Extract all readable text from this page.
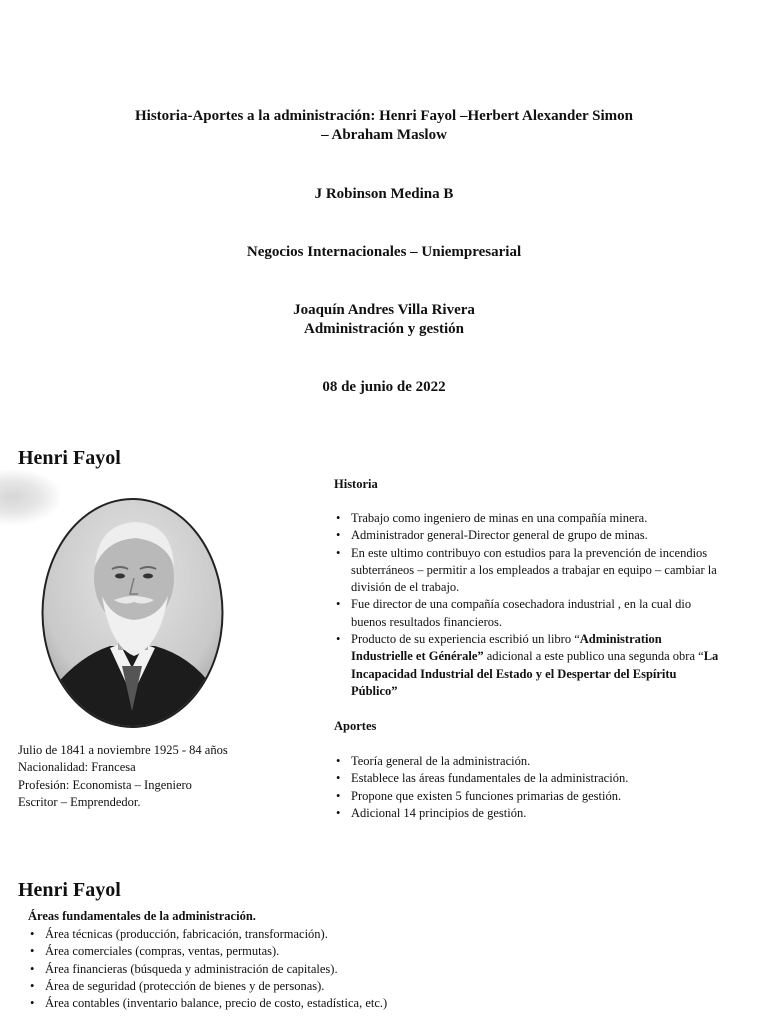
Historia-Aportes a la administración: Henri Fayol –Herbert Alexander Simon
– Abraham Maslow
J Robinson Medina B
Negocios Internacionales – Uniempresarial
Joaquín Andres Villa Rivera
Administración y gestión
08 de junio de 2022
Henri Fayol
Julio de 1841 a noviembre 1925 - 84 años
Nacionalidad: Francesa
Profesión: Economista – Ingeniero
Escritor – Emprendedor.
Historia
• Trabajo como ingeniero de minas en una compañía minera.
• Administrador general-Director general de grupo de minas.
• En este ultimo contribuyo con estudios para la prevención de incendios subterráneos – permitir a los empleados a trabajar en equipo – cambiar la división de el trabajo.
• Fue director de una compañía cosechadora industrial , en la cual dio buenos resultados financieros.
• Producto de su experiencia escribió un libro “Administration Industrielle et Générale” adicional a este publico una segunda obra “La Incapacidad Industrial del Estado y el Despertar del Espíritu Público”
Aportes
• Teoría general de la administración.
• Establece las áreas fundamentales de la administración.
• Propone que existen 5 funciones primarias de gestión.
• Adicional 14 principios de gestión.
Henri Fayol
Áreas fundamentales de la administración.
• Área técnicas (producción, fabricación, transformación).
• Área comerciales (compras, ventas, permutas).
• Área financieras (búsqueda y administración de capitales).
• Área de seguridad (protección de bienes y de personas).
• Área contables (inventario balance, precio de costo, estadística, etc.)
